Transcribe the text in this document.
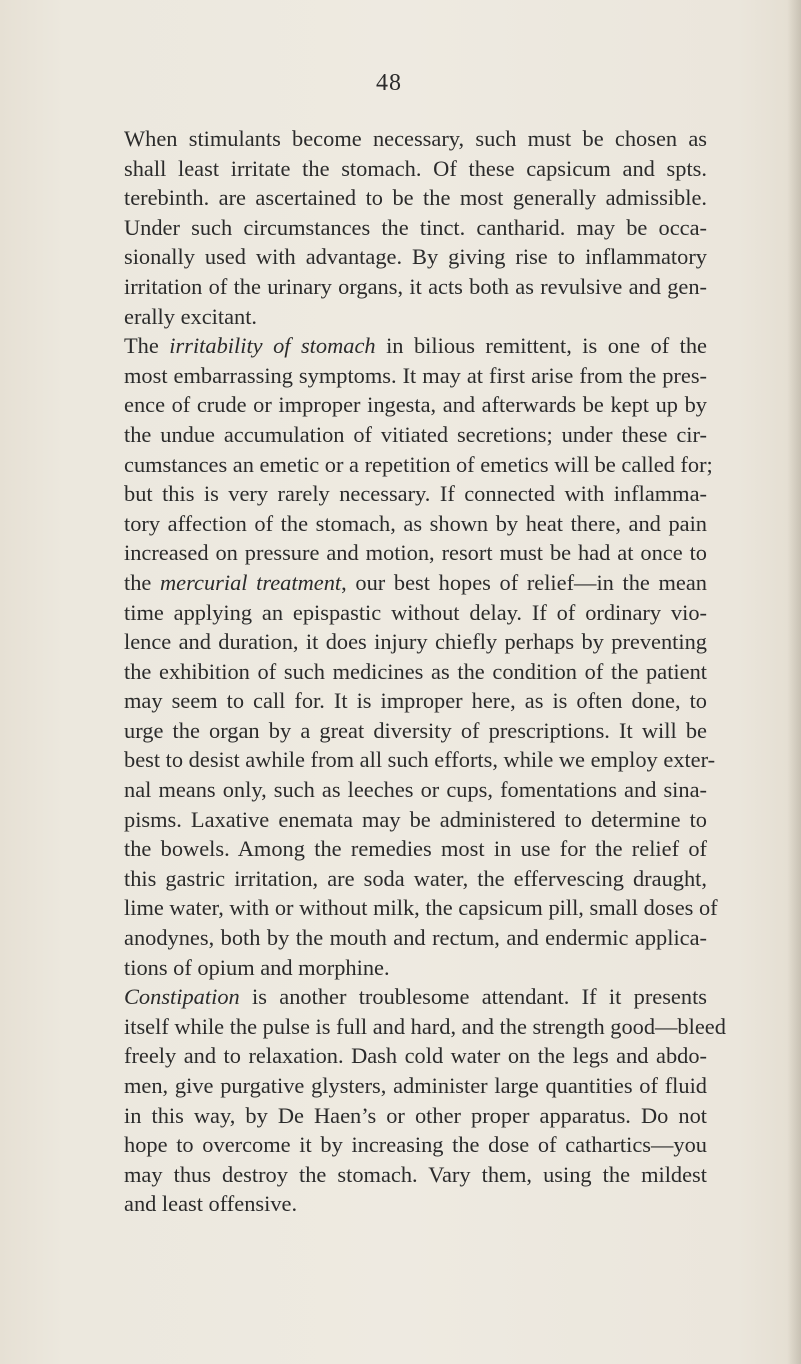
48
When stimulants become necessary, such must be chosen as
shall least irritate the stomach. Of these capsicum and spts.
terebinth. are ascertained to be the most generally admissible.
Under such circumstances the tinct. cantharid. may be occa-
sionally used with advantage. By giving rise to inflammatory
irritation of the urinary organs, it acts both as revulsive and gen-
erally excitant.
The irritability of stomach in bilious remittent, is one of the
most embarrassing symptoms. It may at first arise from the pres-
ence of crude or improper ingesta, and afterwards be kept up by
the undue accumulation of vitiated secretions; under these cir-
cumstances an emetic or a repetition of emetics will be called for;
but this is very rarely necessary. If connected with inflamma-
tory affection of the stomach, as shown by heat there, and pain
increased on pressure and motion, resort must be had at once to
the mercurial treatment, our best hopes of relief—in the mean
time applying an epispastic without delay. If of ordinary vio-
lence and duration, it does injury chiefly perhaps by preventing
the exhibition of such medicines as the condition of the patient
may seem to call for. It is improper here, as is often done, to
urge the organ by a great diversity of prescriptions. It will be
best to desist awhile from all such efforts, while we employ exter-
nal means only, such as leeches or cups, fomentations and sina-
pisms. Laxative enemata may be administered to determine to
the bowels. Among the remedies most in use for the relief of
this gastric irritation, are soda water, the effervescing draught,
lime water, with or without milk, the capsicum pill, small doses of
anodynes, both by the mouth and rectum, and endermic applica-
tions of opium and morphine.
Constipation is another troublesome attendant. If it presents
itself while the pulse is full and hard, and the strength good—bleed
freely and to relaxation. Dash cold water on the legs and abdo-
men, give purgative glysters, administer large quantities of fluid
in this way, by De Haen’s or other proper apparatus. Do not
hope to overcome it by increasing the dose of cathartics—you
may thus destroy the stomach. Vary them, using the mildest
and least offensive.
